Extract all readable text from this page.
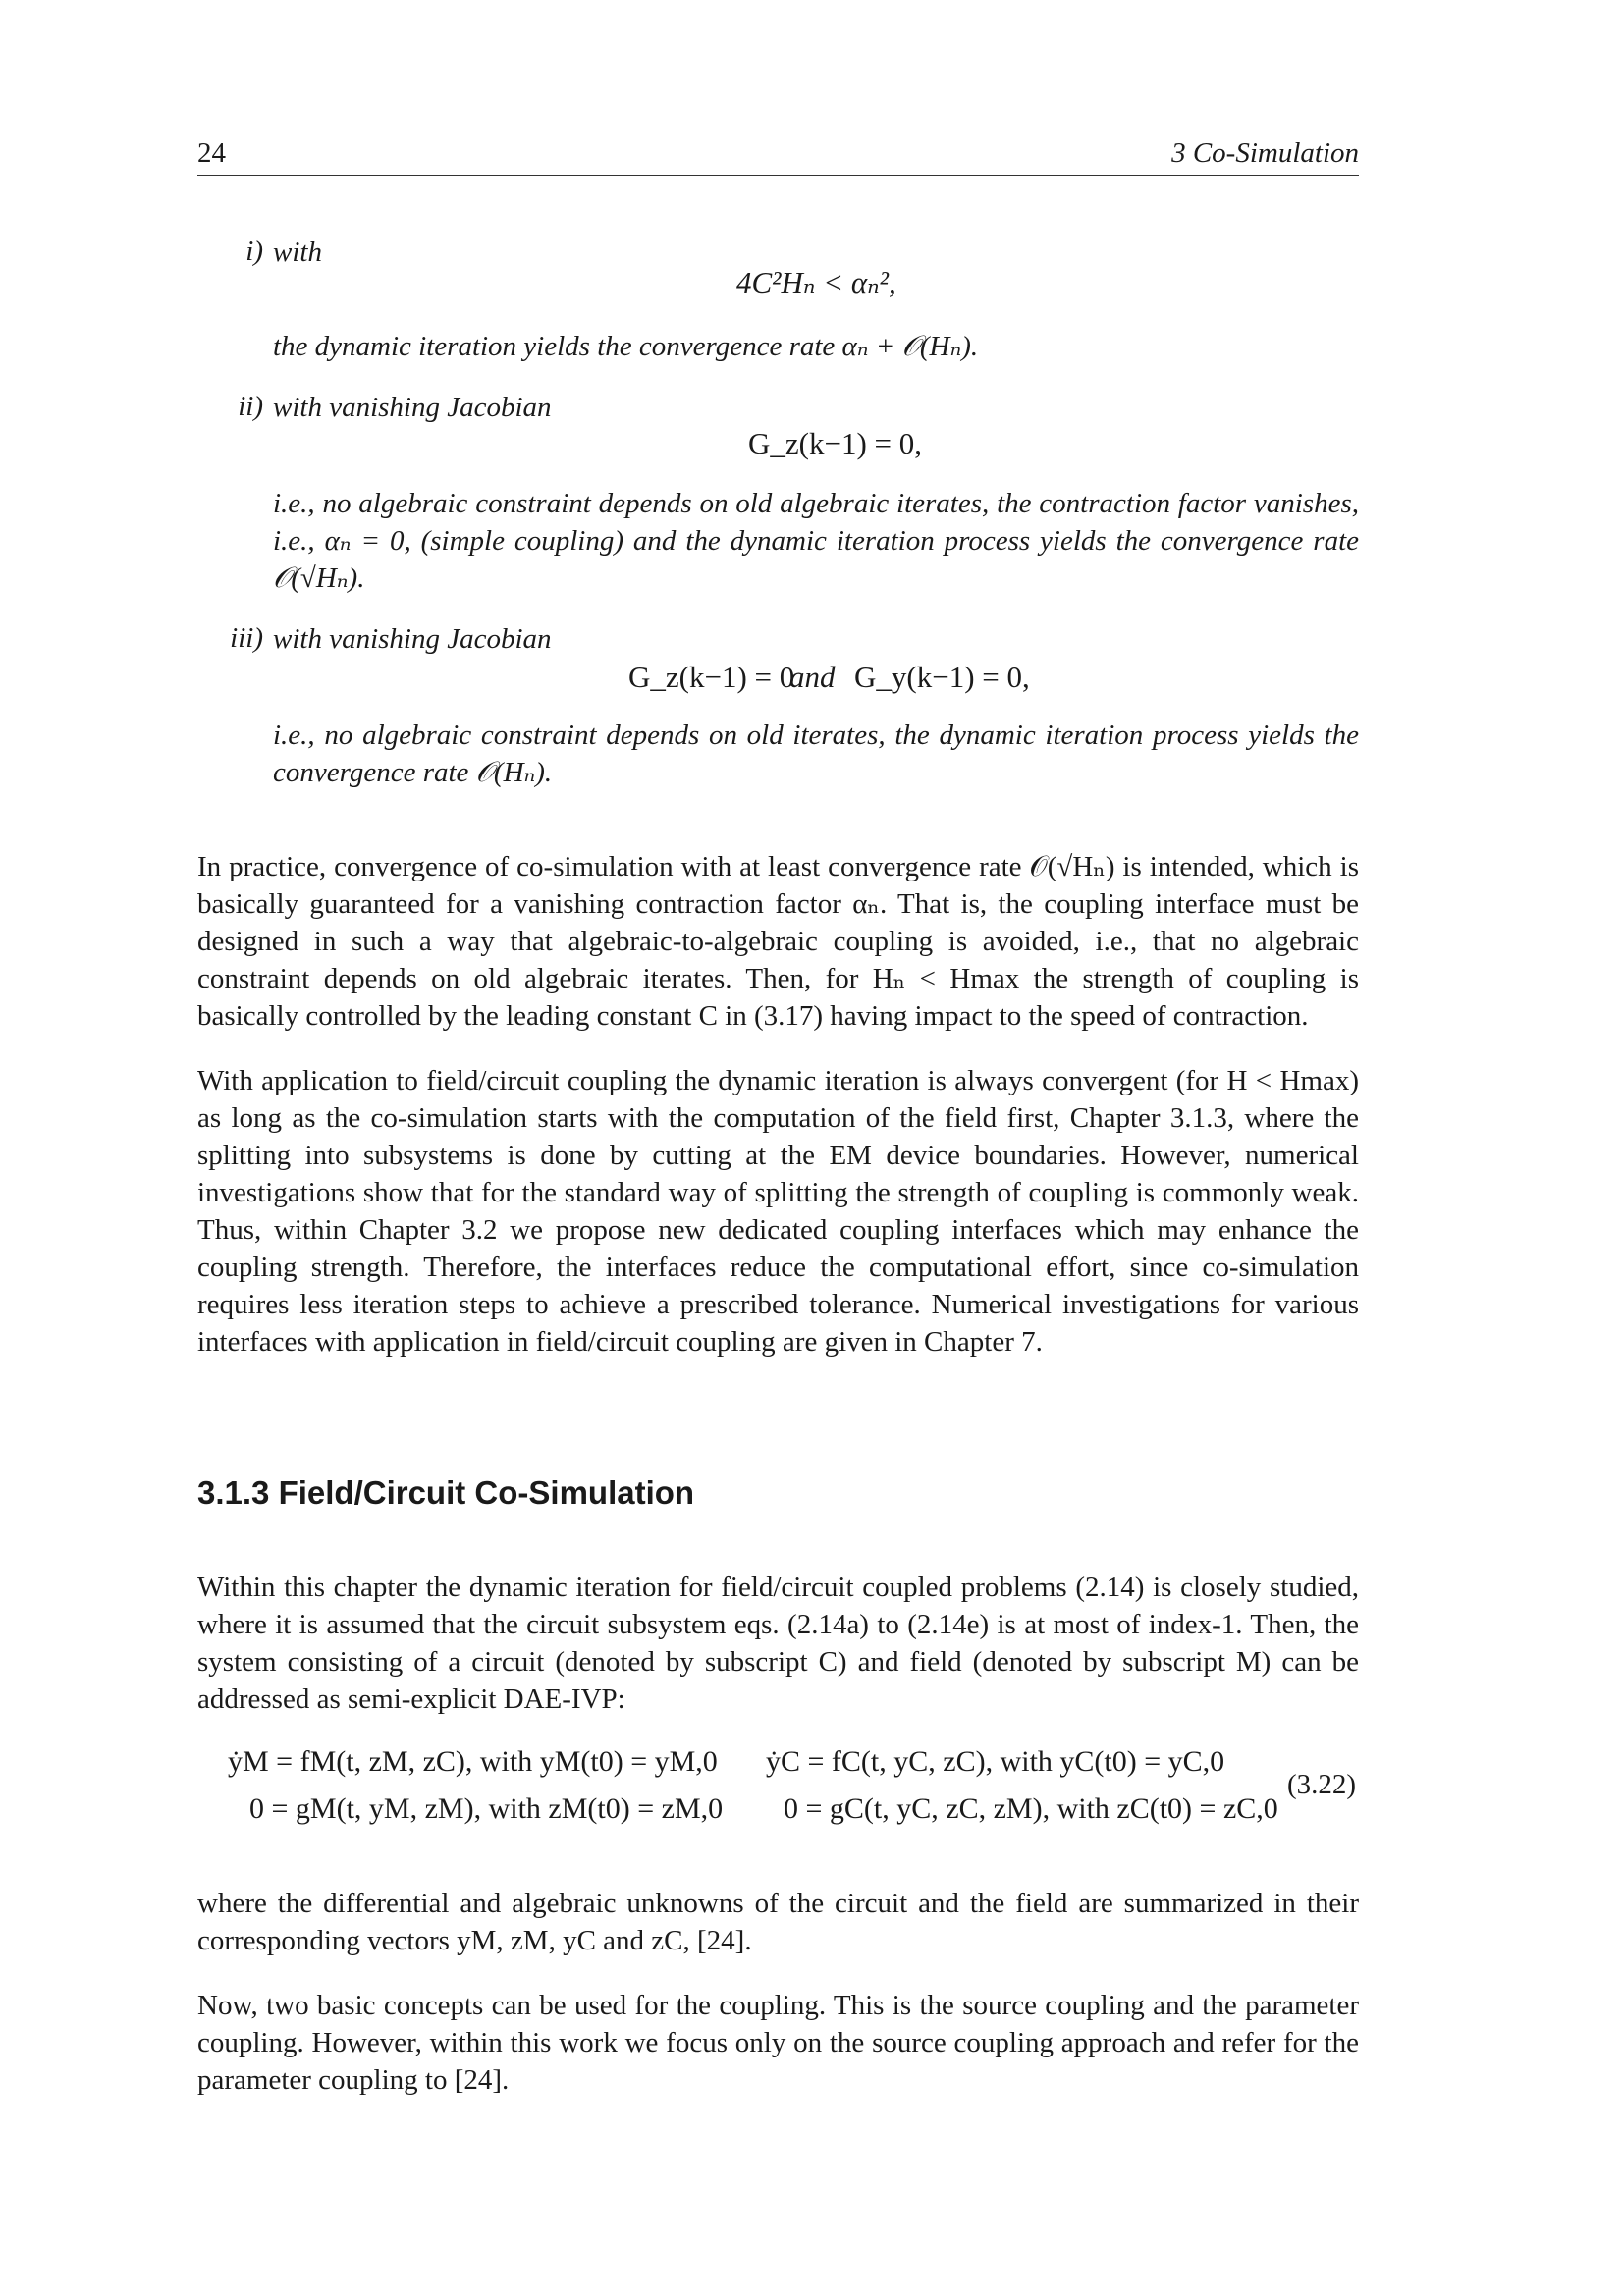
24	3 Co-Simulation
i) with
4C²Hₙ < αₙ²,
the dynamic iteration yields the convergence rate αₙ + 𝒪(Hₙ).
ii) with vanishing Jacobian
G_z(k−1) = 0,
i.e., no algebraic constraint depends on old algebraic iterates, the contraction factor vanishes, i.e., αₙ = 0, (simple coupling) and the dynamic iteration process yields the convergence rate 𝒪(√Hₙ).
iii) with vanishing Jacobian
G_z(k−1) = 0
and G_y(k−1) = 0,
i.e., no algebraic constraint depends on old iterates, the dynamic iteration process yields the convergence rate 𝒪(Hₙ).
In practice, convergence of co-simulation with at least convergence rate 𝒪(√Hₙ) is intended, which is basically guaranteed for a vanishing contraction factor αₙ. That is, the coupling interface must be designed in such a way that algebraic-to-algebraic coupling is avoided, i.e., that no algebraic constraint depends on old algebraic iterates. Then, for Hₙ < Hmax the strength of coupling is basically controlled by the leading constant C in (3.17) having impact to the speed of contraction.
With application to field/circuit coupling the dynamic iteration is always convergent (for H < Hmax) as long as the co-simulation starts with the computation of the field first, Chapter 3.1.3, where the splitting into subsystems is done by cutting at the EM device boundaries. However, numerical investigations show that for the standard way of splitting the strength of coupling is commonly weak. Thus, within Chapter 3.2 we propose new dedicated coupling interfaces which may enhance the coupling strength. Therefore, the interfaces reduce the computational effort, since co-simulation requires less iteration steps to achieve a prescribed tolerance. Numerical investigations for various interfaces with application in field/circuit coupling are given in Chapter 7.
3.1.3 Field/Circuit Co-Simulation
Within this chapter the dynamic iteration for field/circuit coupled problems (2.14) is closely studied, where it is assumed that the circuit subsystem eqs. (2.14a) to (2.14e) is at most of index-1. Then, the system consisting of a circuit (denoted by subscript C) and field (denoted by subscript M) can be addressed as semi-explicit DAE-IVP:
ẏM = fM(t, zM, zC), with yM(t0) = yM,0 ẏC = fC(t, yC, zC), with yC(t0) = yC,0
0 = gM(t, yM, zM), with zM(t0) = zM,0 0 = gC(t, yC, zC, zM), with zC(t0) = zC,0
(3.22)
where the differential and algebraic unknowns of the circuit and the field are summarized in their corresponding vectors yM, zM, yC and zC, [24].
Now, two basic concepts can be used for the coupling. This is the source coupling and the parameter coupling. However, within this work we focus only on the source coupling approach and refer for the parameter coupling to [24].
